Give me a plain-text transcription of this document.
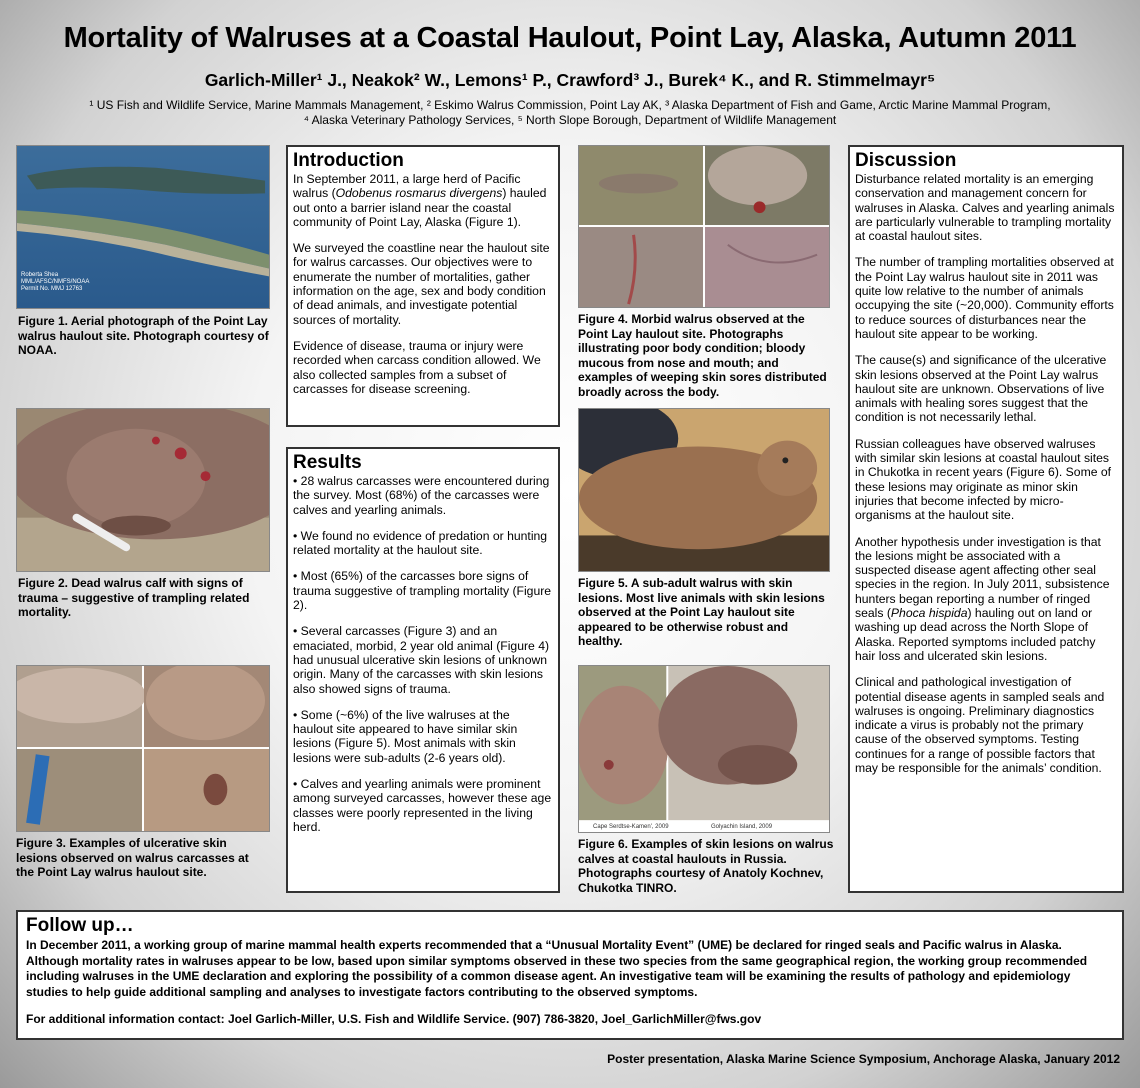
Mortality of Walruses at a Coastal Haulout, Point Lay, Alaska, Autumn 2011
Garlich-Miller¹ J., Neakok² W., Lemons¹ P., Crawford³ J., Burek⁴ K., and R. Stimmelmayr⁵
¹ US Fish and Wildlife Service, Marine Mammals Management, ² Eskimo Walrus Commission, Point Lay AK, ³ Alaska Department of Fish and Game, Arctic Marine Mammal Program,
⁴ Alaska Veterinary Pathology Services, ⁵ North Slope Borough, Department of Wildlife Management
Roberta Shea
MML/AFSC/NMFS/NOAA
Permit No. MMJ 12763
Figure 1. Aerial photograph of the Point Lay walrus haulout site. Photograph courtesy of NOAA.
Figure 2. Dead walrus calf with signs of trauma – suggestive of trampling related mortality.
Figure 3. Examples of ulcerative skin lesions observed on walrus carcasses at the Point Lay walrus haulout site.
Introduction

In September 2011, a large herd of Pacific walrus (Odobenus rosmarus divergens) hauled out onto a barrier island near the coastal community of Point Lay, Alaska (Figure 1).

We surveyed the coastline near the haulout site for walrus carcasses. Our objectives were to enumerate the number of mortalities, gather information on the age, sex and body condition of dead animals, and investigate potential sources of mortality.

Evidence of disease, trauma or injury were recorded when carcass condition allowed. We also collected samples from a subset of carcasses for disease screening.

Results

• 28 walrus carcasses were encountered during the survey. Most (68%) of the carcasses were calves and yearling animals.

• We found no evidence of predation or hunting related mortality at the haulout site.

• Most (65%) of the carcasses bore signs of trauma suggestive of trampling mortality (Figure 2).

• Several carcasses (Figure 3) and an emaciated, morbid, 2 year old animal (Figure 4) had unusual ulcerative skin lesions of unknown origin. Many of the carcasses with skin lesions also showed signs of trauma.

• Some (~6%) of the live walruses at the haulout site appeared to have similar skin lesions (Figure 5). Most animals with skin lesions were sub-adults (2-6 years old).

• Calves and yearling animals were prominent among surveyed carcasses, however these age classes were poorly represented in the living herd.

Figure 4. Morbid walrus observed at the Point Lay haulout site. Photographs illustrating poor body condition; bloody mucous from nose and mouth; and examples of weeping skin sores distributed broadly across the body.
Figure 5. A sub-adult walrus with skin lesions. Most live animals with skin lesions observed at the Point Lay haulout site appeared to be otherwise robust and healthy.
Cape Serdtse-Kamen', 2009	Golyachin Island, 2009
Figure 6. Examples of skin lesions on walrus calves at coastal haulouts in Russia. Photographs courtesy of Anatoly Kochnev, Chukotka TINRO.
Discussion

Disturbance related mortality is an emerging conservation and management concern for walruses in Alaska. Calves and yearling animals are particularly vulnerable to trampling mortality at coastal haulout sites.

The number of trampling mortalities observed at the Point Lay walrus haulout site in 2011 was quite low relative to the number of animals occupying the site (~20,000). Community efforts to reduce sources of disturbances near the haulout site appear to be working.

The cause(s) and significance of the ulcerative skin lesions observed at the Point Lay walrus haulout site are unknown. Observations of live animals with healing sores suggest that the condition is not necessarily lethal.

Russian colleagues have observed walruses with similar skin lesions at coastal haulout sites in Chukotka in recent years (Figure 6). Some of these lesions may originate as minor skin injuries that become infected by micro-organisms at the haulout site.

Another hypothesis under investigation is that the lesions might be associated with a suspected disease agent affecting other seal species in the region. In July 2011, subsistence hunters began reporting a number of ringed seals (Phoca hispida) hauling out on land or washing up dead across the North Slope of Alaska. Reported symptoms included patchy hair loss and ulcerated skin lesions.

Clinical and pathological investigation of potential disease agents in sampled seals and walruses is ongoing. Preliminary diagnostics indicate a virus is probably not the primary cause of the observed symptoms. Testing continues for a range of possible factors that may be responsible for the animals’ condition.

Follow up…

In December 2011, a working group of marine mammal health experts recommended that a “Unusual Mortality Event” (UME) be declared for ringed seals and Pacific walrus in Alaska. Although mortality rates in walruses appear to be low, based upon similar symptoms observed in these two species from the same geographical region, the working group recommended including walruses in the UME declaration and exploring the possibility of a common disease agent. An investigative team will be examining the results of pathology and epidemiology studies to help guide additional sampling and analyses to investigate factors contributing to the observed symptoms.

For additional information contact: Joel Garlich-Miller, U.S. Fish and Wildlife Service. (907) 786-3820, Joel_GarlichMiller@fws.gov

Poster presentation, Alaska Marine Science Symposium, Anchorage Alaska, January 2012
